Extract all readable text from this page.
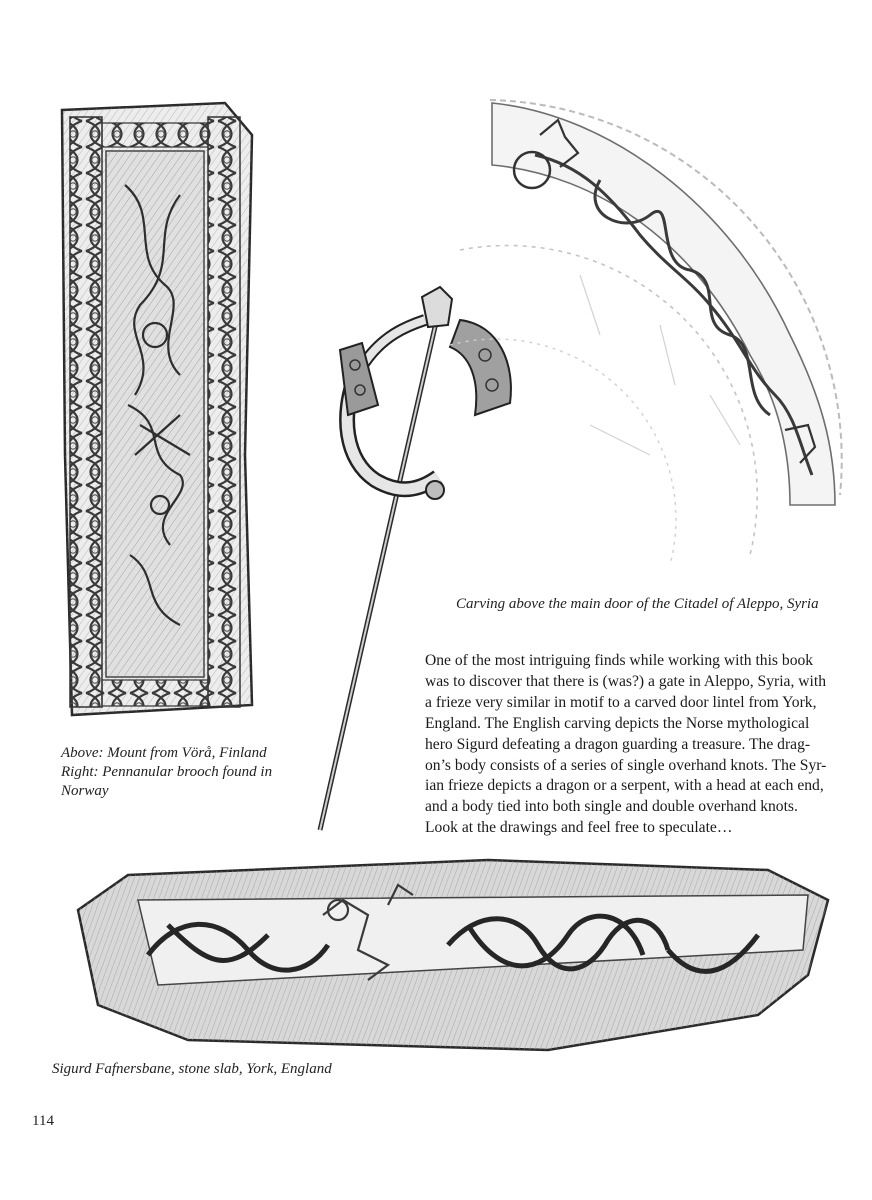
Above: Mount from Vörå, Finland
Right: Pennanular brooch found in
Norway
Carving above the main door of the Citadel of Aleppo, Syria
One of the most intriguing finds while working with this book
was to discover that there is (was?) a gate in Aleppo, Syria, with
a frieze very similar in motif to a carved door lintel from York,
England. The English carving depicts the Norse mythological
hero Sigurd defeating a dragon guarding a treasure. The drag-
on’s body consists of a series of single overhand knots. The Syr-
ian frieze depicts a dragon or a serpent, with a head at each end,
and a body tied into both single and double overhand knots.
Look at the drawings and feel free to speculate…
Sigurd Fafnersbane, stone slab, York, England
114
